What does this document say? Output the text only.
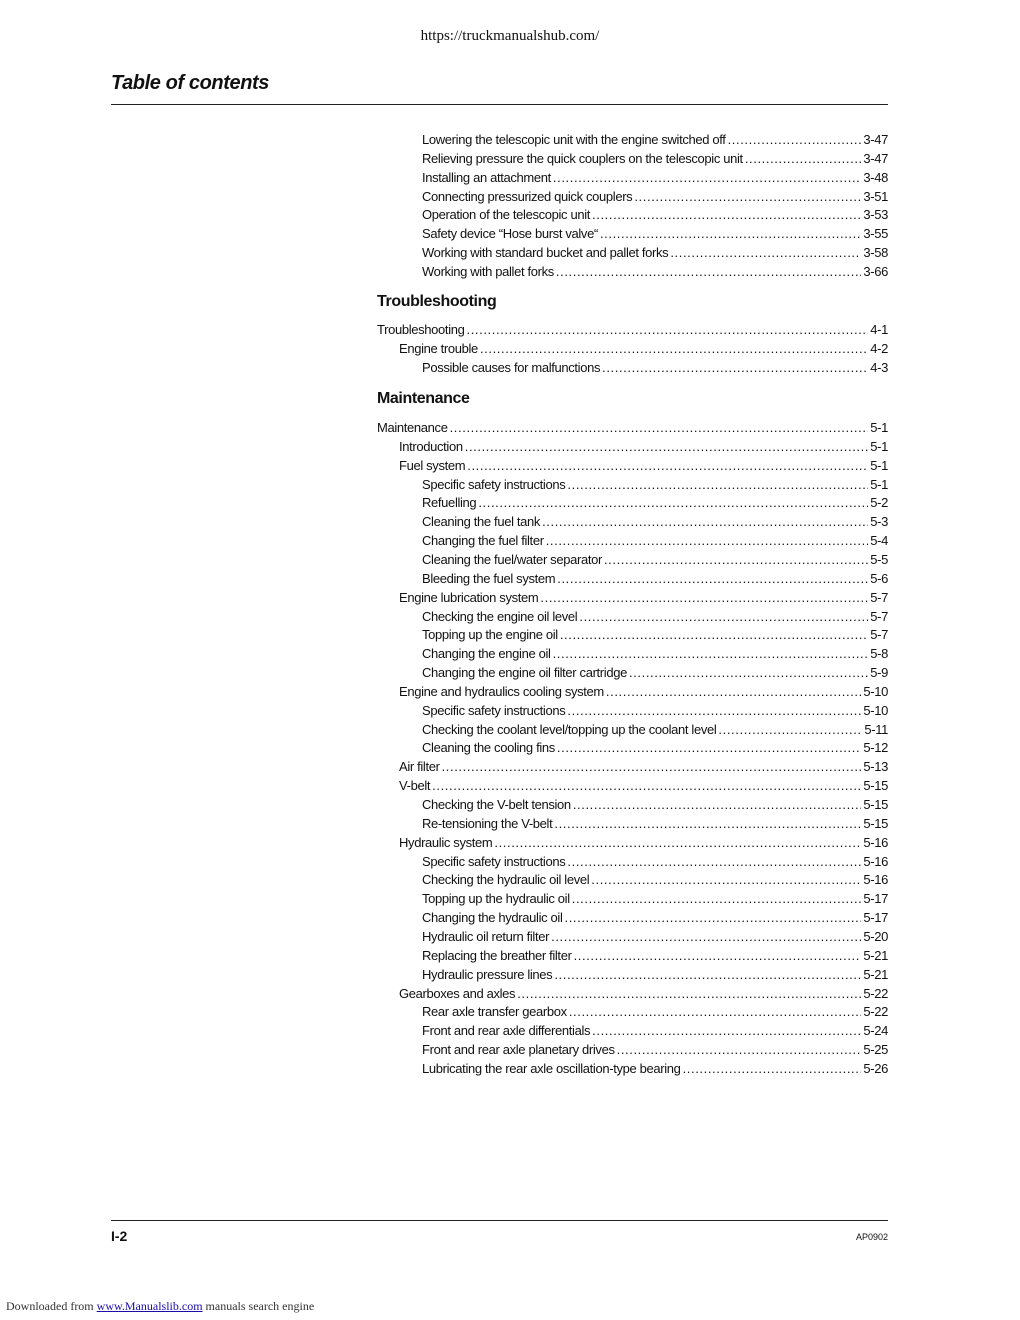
https://truckmanualshub.com/
Table of contents
Lowering the telescopic unit with the engine switched off .....	3-47
Relieving pressure the quick couplers on the telescopic unit .....	3-47
Installing an attachment .....	3-48
Connecting pressurized quick couplers .....	3-51
Operation of the telescopic unit .....	3-53
Safety device “Hose burst valve“ .....	3-55
Working with standard bucket and pallet forks .....	3-58
Working with pallet forks .....	3-66
Troubleshooting
Troubleshooting .....	4-1
Engine trouble .....	4-2
Possible causes for malfunctions .....	4-3
Maintenance
Maintenance .....	5-1
Introduction .....	5-1
Fuel system .....	5-1
Specific safety instructions .....	5-1
Refuelling .....	5-2
Cleaning the fuel tank .....	5-3
Changing the fuel filter .....	5-4
Cleaning the fuel/water separator .....	5-5
Bleeding the fuel system .....	5-6
Engine lubrication system .....	5-7
Checking the engine oil level .....	5-7
Topping up the engine oil .....	5-7
Changing the engine oil .....	5-8
Changing the engine oil filter cartridge .....	5-9
Engine and hydraulics cooling system .....	5-10
Specific safety instructions .....	5-10
Checking the coolant level/topping up the coolant level .....	5-11
Cleaning the cooling fins .....	5-12
Air filter .....	5-13
V-belt .....	5-15
Checking the V-belt tension .....	5-15
Re-tensioning the V-belt .....	5-15
Hydraulic system .....	5-16
Specific safety instructions .....	5-16
Checking the hydraulic oil level .....	5-16
Topping up the hydraulic oil .....	5-17
Changing the hydraulic oil .....	5-17
Hydraulic oil return filter .....	5-20
Replacing the breather filter .....	5-21
Hydraulic pressure lines .....	5-21
Gearboxes and axles .....	5-22
Rear axle transfer gearbox .....	5-22
Front and rear axle differentials .....	5-24
Front and rear axle planetary drives .....	5-25
Lubricating the rear axle oscillation-type bearing .....	5-26
I-2	AP0902
Downloaded from www.Manualslib.com manuals search engine
